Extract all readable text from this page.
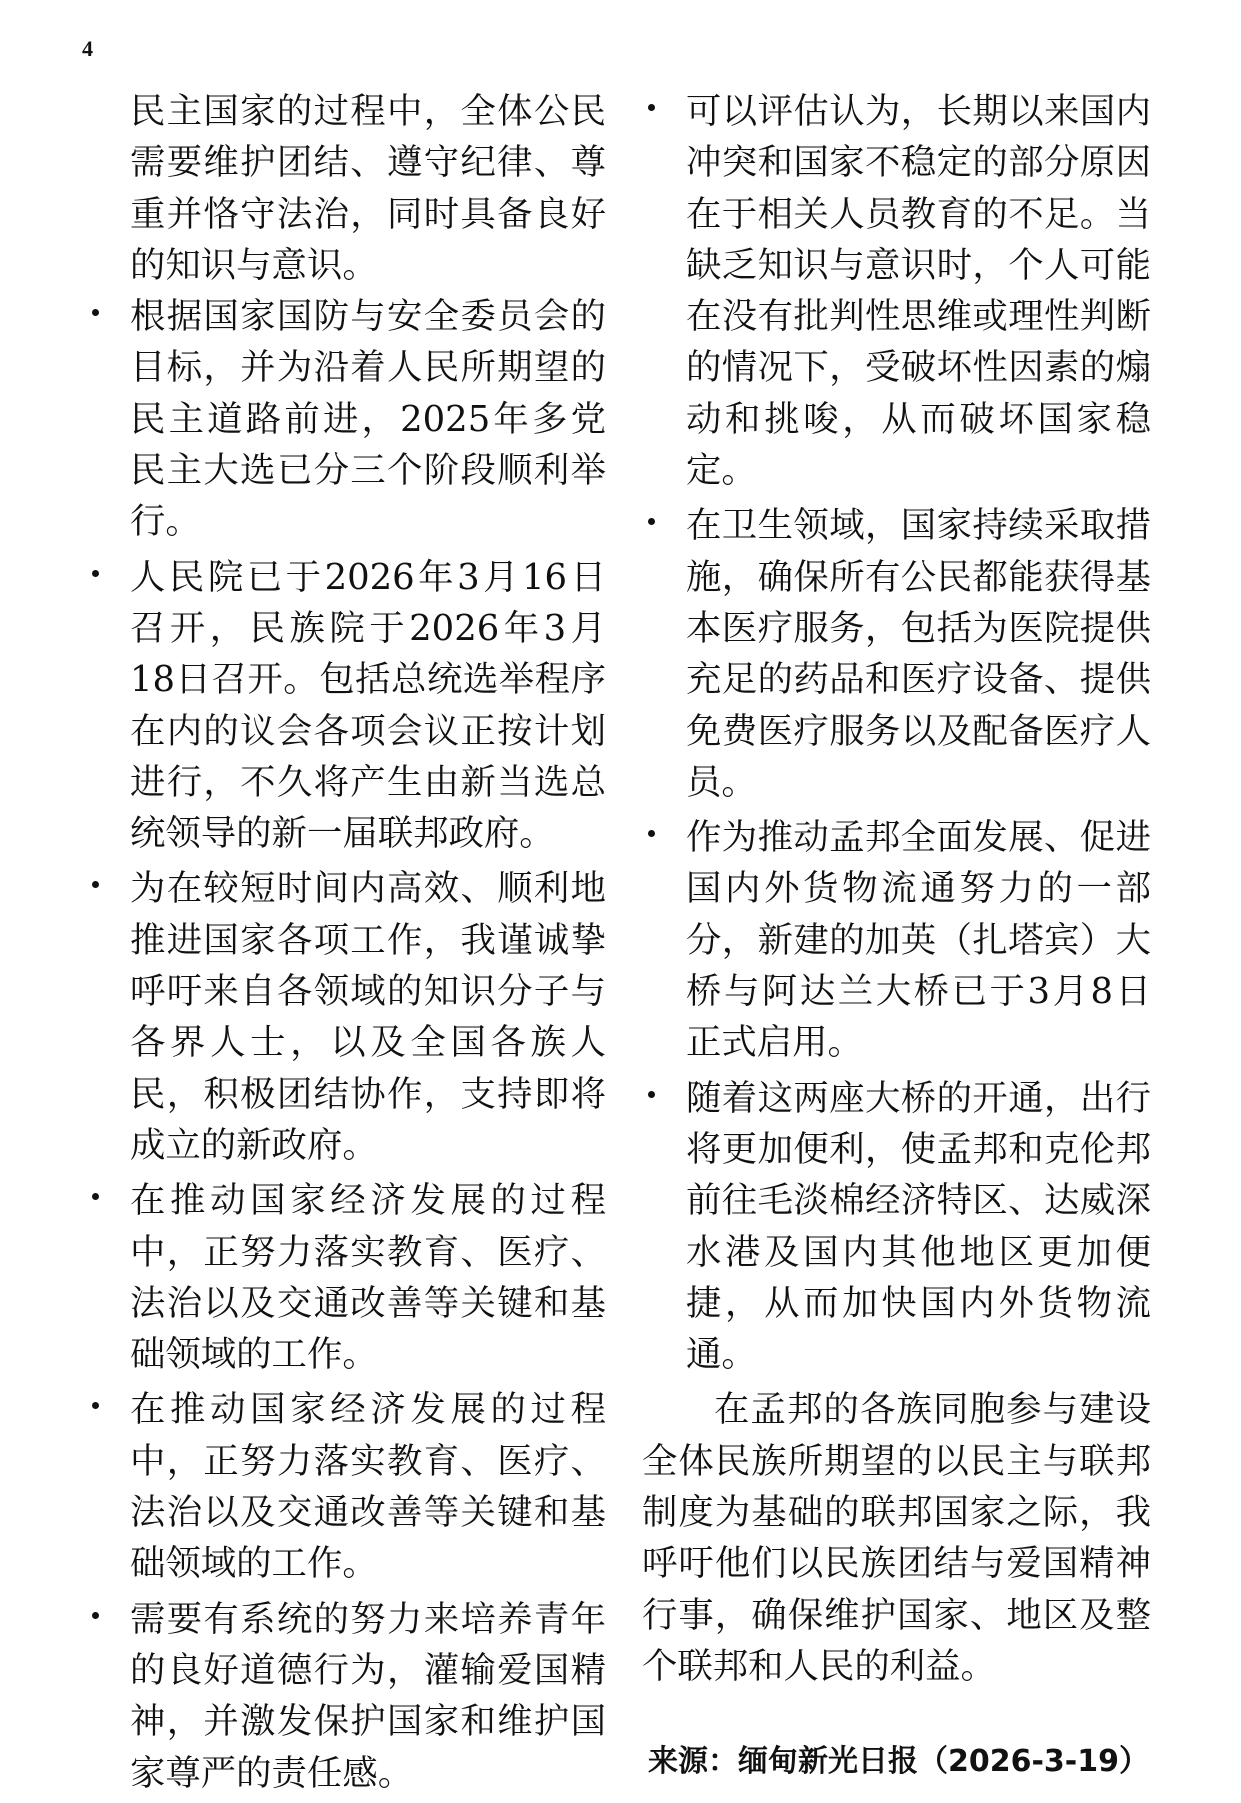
4

民主国家的过程中，全体公民需要维护团结、遵守纪律、尊重并恪守法治，同时具备良好的知识与意识。

根据国家国防与安全委员会的目标，并为沿着人民所期望的民主道路前进，2025年多党民主大选已分三个阶段顺利举行。
人民院已于2026年3月16日召开，民族院于2026年3月18日召开。包括总统选举程序在内的议会各项会议正按计划进行，不久将产生由新当选总统领导的新一届联邦政府。
为在较短时间内高效、顺利地推进国家各项工作，我谨诚挚呼吁来自各领域的知识分子与各界人士，以及全国各族人民，积极团结协作，支持即将成立的新政府。
在推动国家经济发展的过程中，正努力落实教育、医疗、法治以及交通改善等关键和基础领域的工作。
在推动国家经济发展的过程中，正努力落实教育、医疗、法治以及交通改善等关键和基础领域的工作。
需要有系统的努力来培养青年的良好道德行为，灌输爱国精神，并激发保护国家和维护国家尊严的责任感。
可以评估认为，长期以来国内冲突和国家不稳定的部分原因在于相关人员教育的不足。当缺乏知识与意识时，个人可能在没有批判性思维或理性判断的情况下，受破坏性因素的煽动和挑唆，从而破坏国家稳定。
在卫生领域，国家持续采取措施，确保所有公民都能获得基本医疗服务，包括为医院提供充足的药品和医疗设备、提供免费医疗服务以及配备医疗人员。
作为推动孟邦全面发展、促进国内外货物流通努力的一部分，新建的加英（扎塔宾）大桥与阿达兰大桥已于3月8日正式启用。
随着这两座大桥的开通，出行将更加便利，使孟邦和克伦邦前往毛淡棉经济特区、达威深水港及国内其他地区更加便捷，从而加快国内外货物流通。

在孟邦的各族同胞参与建设全体民族所期望的以民主与联邦制度为基础的联邦国家之际，我呼吁他们以民族团结与爱国精神行事，确保维护国家、地区及整个联邦和人民的利益。

来源：缅甸新光日报（2026-3-19）
